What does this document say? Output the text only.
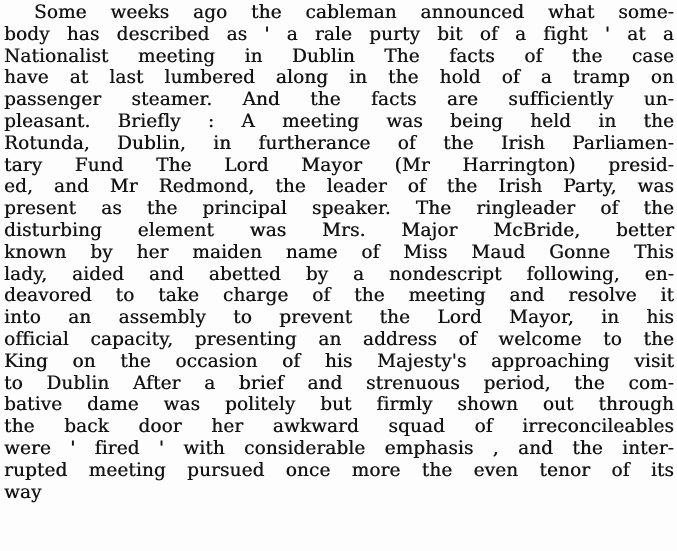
Some weeks ago the cableman announced what some-
body has described as ' a rale purty bit of a fight ' at a
Nationalist meeting in Dublin The facts of the case
have at last lumbered along in the hold of a tramp on
passenger steamer. And the facts are sufficiently un-
pleasant. Briefly : A meeting was being held in the
Rotunda, Dublin, in furtherance of the Irish Parliamen-
tary Fund The Lord Mayor (Mr Harrington) presid-
ed, and Mr Redmond, the leader of the Irish Party, was
present as the principal speaker. The ringleader of the
disturbing element was Mrs. Major McBride, better
known by her maiden name of Miss Maud Gonne This
lady, aided and abetted by a nondescript following, en-
deavored to take charge of the meeting and resolve it
into an assembly to prevent the Lord Mayor, in his
official capacity, presenting an address of welcome to the
King on the occasion of his Majesty's approaching visit
to Dublin After a brief and strenuous period, the com-
bative dame was politely but firmly shown out through
the back door her awkward squad of irreconcileables
were ' fired ' with considerable emphasis , and the inter-
rupted meeting pursued once more the even tenor of its
way
